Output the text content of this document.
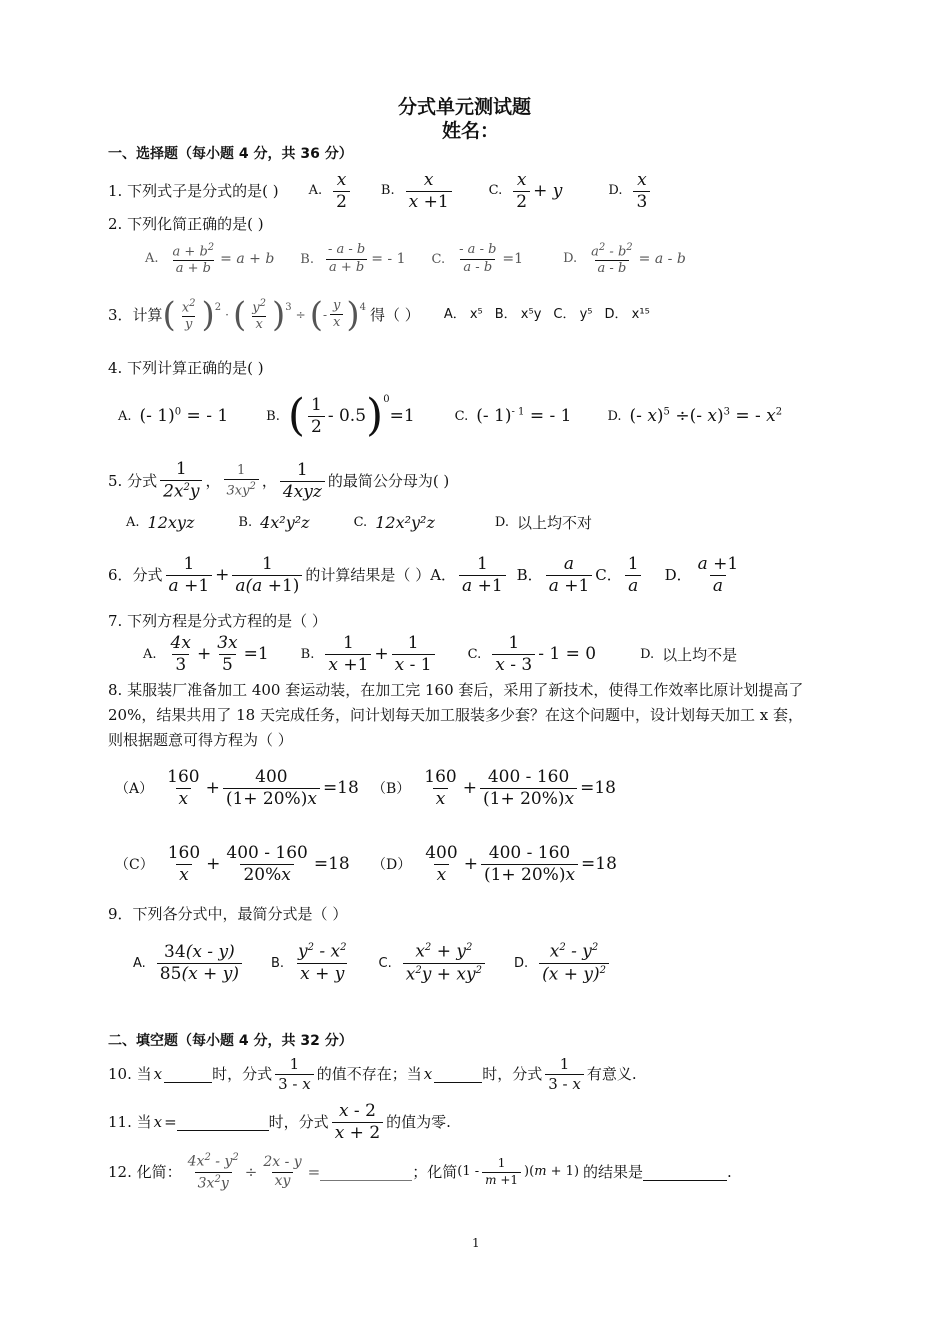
分式单元测试题
姓名：
一、选择题（每小题 4 分，共 36 分）
1. 下列式子是分式的是( ) A.
x
2
B.
x
x +1
C.
x
2
+ y	D.
x
3
2. 下列化简正确的是( )
A. $\frac{a + b^2}{a + b} = a + b$ B. $\frac{- a - b}{a + b}$ = - 1 C. $\frac{- a - b}{a - b} =1$	D. $\frac{a^2 - b^2}{a - b} = a - b$
3．计算 ( $x^2$
y )$^2$
· ( $y^2$
x )$^3$
÷ ( -
y
x )$^4$ 得（ ） A． x⁵ B． x⁵y C． y⁵ D． x¹⁵
4. 下列计算正确的是( )
A. (- 1)$^0$ = - 1	B. ( 1
2
- 0.5 )$^0$
=1	C. (- 1)$^{- 1}$ = - 1	D. (- x)$^5$ ÷(- x)$^3$ = - $x^2$
5. 分式
1
$2x^2y$
，
1
$3xy^2$ ，
1
4xyz
的最简公分母为( )
A. 12xyz	B. 4x²y²z	C. 12x²y²z	D. 以上均不对
6．分式
1
a +1
+ $\frac{1}{a(a +1)}$ 的计算结果是（ ） A．
1
a +1
B．
a
a +1
C．
1
a
D．
a +1
a
7. 下列方程是分式方程的是（ ）
A.
4x
3
+ $\frac{3x}{5} =1$ B.
1
x +1
+
1
x - 1
C.
1
x - 3
- 1 = 0	D. 以上均不是
8. 某服装厂准备加工 400 套运动装，在加工完 160 套后，采用了新技术，使得工作效率比原计划提高了
20%，结果共用了 18 天完成任务，问计划每天加工服装多少套？在这个问题中，设计划每天加工 x 套，
则根据题意可得方程为（ ）
（A）
160
x
+ $\frac{400}{(1+ 20\%)x} =18$ （B）
160
x
+ $\frac{400 - 160}{(1+ 20\%)x} =18$
（C）
160
x
+ $\frac{400 - 160}{20\%x} =18$ （D）
400
x
+ $\frac{400 - 160}{(1+ 20\%)x} =18$
9．下列各分式中，最简分式是（ ）
A.
34(x - y)
85(x + y)
B.
$y^2 - x^2$
x + y
C.
$x^2 + y^2$
$x^2y + xy^2$ D.
$x^2 - y^2$
$(x + y)^2$
二、填空题（每小题 4 分，共 32 分）
10. 当 x	时，分式
1
3 - x
的值不存在；当 x	时，分式
1
3 - x
有意义.
11. 当 x =	时，分式
x - 2
x + 2
的值为零.
12. 化简： $\frac{4x^2 - y^2}{3x^2y} \div \frac{2x - y}{xy}$ =	；化简 (1 -
1
m +1
)(m + 1) 的结果是	.
1
